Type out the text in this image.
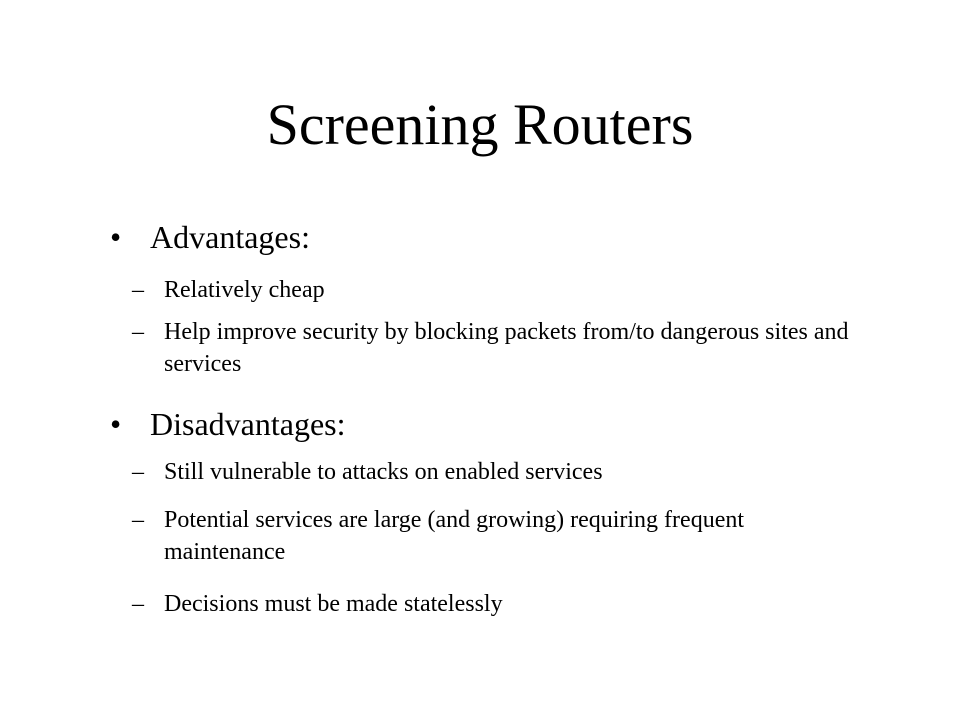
Screening Routers
• Advantages:
– Relatively cheap
– Help improve security by blocking packets from/to dangerous sites and services
• Disadvantages:
– Still vulnerable to attacks on enabled services
– Potential services are large (and growing) requiring frequent maintenance
– Decisions must be made statelessly
